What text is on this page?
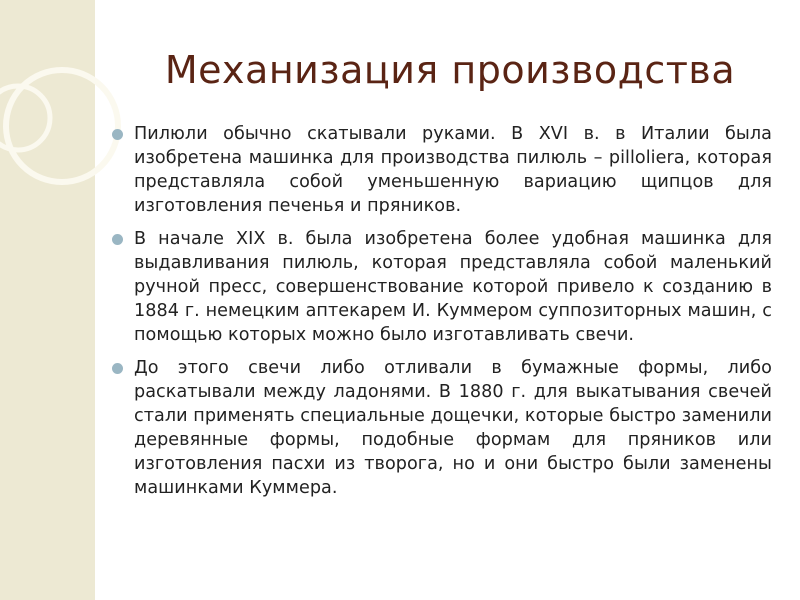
Механизация производства
Пилюли обычно скатывали руками. В XVI в. в Италии была изобретена машинка для производства пилюль – pilloliera, которая представляла собой уменьшенную вариацию щипцов для изготовления печенья и пряников.
В начале XIX в. была изобретена более удобная машинка для выдавливания пилюль, которая представляла собой маленький ручной пресс, совершенствование которой привело к созданию в 1884 г. немецким аптекарем И. Куммером суппозиторных машин, с помощью которых можно было изготавливать свечи.
До этого свечи либо отливали в бумажные формы, либо раскатывали между ладонями. В 1880 г. для выкатывания свечей стали применять специальные дощечки, которые быстро заменили деревянные формы, подобные формам для пряников или изготовления пасхи из творога, но и они быстро были заменены машинками Куммера.
